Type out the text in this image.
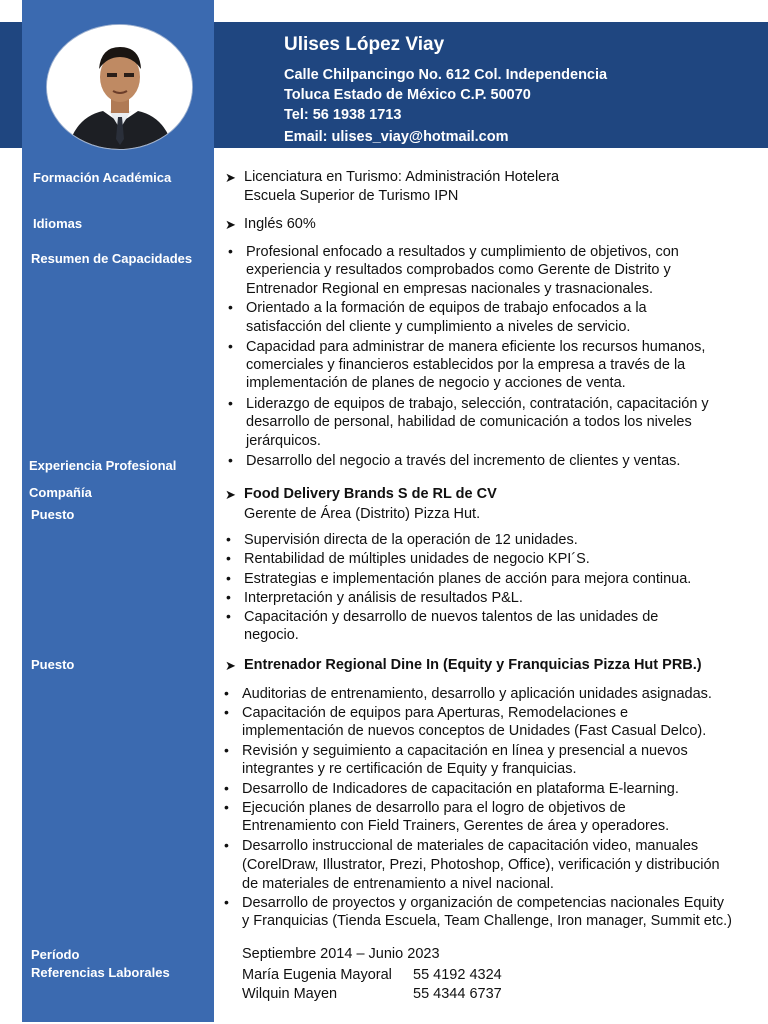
Ulises López Viay
Calle Chilpancingo No. 612 Col. Independencia
Toluca Estado de México C.P. 50070
Tel: 56 1938 1713
Email: ulises_viay@hotmail.com
Formación Académica
Idiomas
Resumen de Capacidades
Experiencia Profesional
Compañía
Puesto
Puesto
Período
Referencias Laborales
➤ Licenciatura en Turismo: Administración Hotelera
Escuela Superior de Turismo IPN
➤ Inglés 60%
• Profesional enfocado a resultados y cumplimiento de objetivos, con
experiencia y resultados comprobados como Gerente de Distrito y
Entrenador Regional en empresas nacionales y trasnacionales.
• Orientado a la formación de equipos de trabajo enfocados a la
satisfacción del cliente y cumplimiento a niveles de servicio.
• Capacidad para administrar de manera eficiente los recursos humanos,
comerciales y financieros establecidos por la empresa a través de la
implementación de planes de negocio y acciones de venta.
• Liderazgo de equipos de trabajo, selección, contratación, capacitación y
desarrollo de personal, habilidad de comunicación a todos los niveles
jerárquicos.
• Desarrollo del negocio a través del incremento de clientes y ventas.
➤ Food Delivery Brands S de RL de CV
Gerente de Área (Distrito) Pizza Hut.
• Supervisión directa de la operación de 12 unidades.
• Rentabilidad de múltiples unidades de negocio KPI´S.
• Estrategias e implementación planes de acción para mejora continua.
• Interpretación y análisis de resultados P&L.
• Capacitación y desarrollo de nuevos talentos de las unidades de
negocio.
➤ Entrenador Regional Dine In (Equity y Franquicias Pizza Hut PRB.)
• Auditorias de entrenamiento, desarrollo y aplicación unidades asignadas.
• Capacitación de equipos para Aperturas, Remodelaciones e
implementación de nuevos conceptos de Unidades (Fast Casual Delco).
• Revisión y seguimiento a capacitación en línea y presencial a nuevos
integrantes y re certificación de Equity y franquicias.
• Desarrollo de Indicadores de capacitación en plataforma E-learning.
• Ejecución planes de desarrollo para el logro de objetivos de
Entrenamiento con Field Trainers, Gerentes de área y operadores.
• Desarrollo instruccional de materiales de capacitación video, manuales
(CorelDraw, Illustrator, Prezi, Photoshop, Office), verificación y distribución
de materiales de entrenamiento a nivel nacional.
• Desarrollo de proyectos y organización de competencias nacionales Equity
y Franquicias (Tienda Escuela, Team Challenge, Iron manager, Summit etc.)
Septiembre 2014 – Junio 2023
María Eugenia Mayoral 55 4192 4324
Wilquin Mayen	55 4344 6737
